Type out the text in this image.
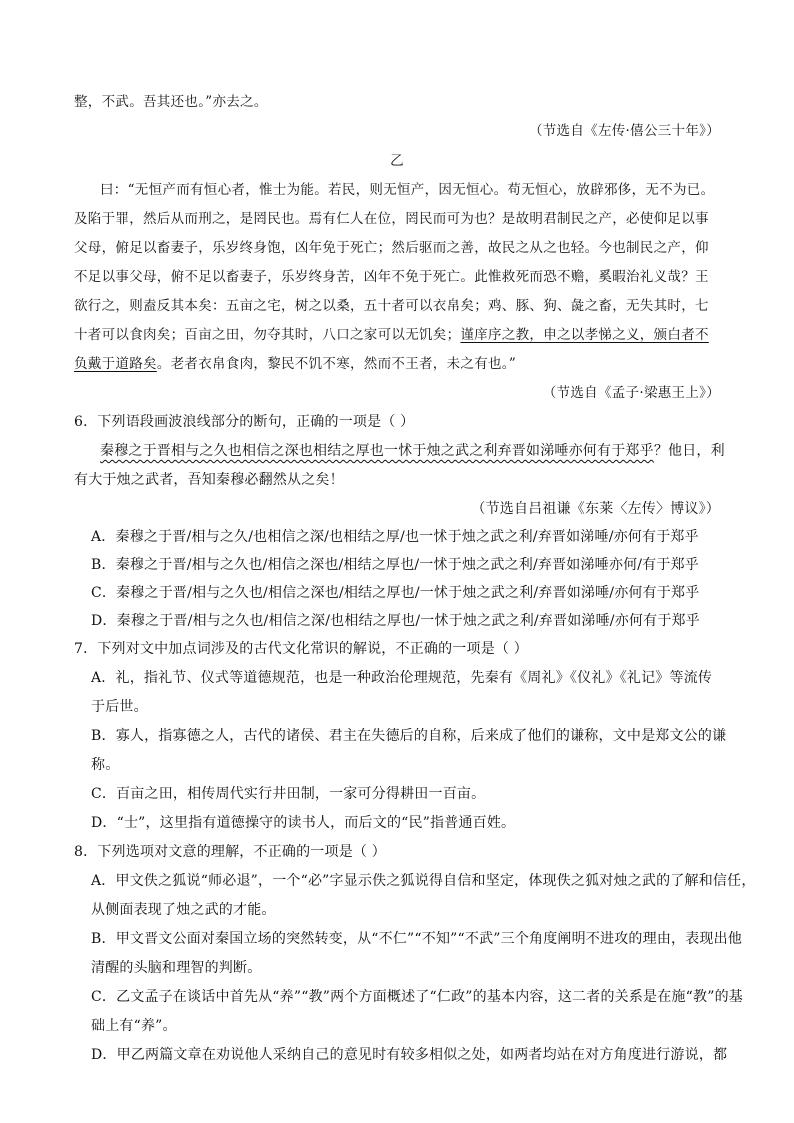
整，不武。吾其还也。”亦去之。
（节选自《左传·僖公三十年》）
乙
曰：“无恒产而有恒心者，惟士为能。若民，则无恒产，因无恒心。苟无恒心，放辟邪侈，无不为已。
及陷于罪，然后从而刑之，是罔民也。焉有仁人在位，罔民而可为也？是故明君制民之产，必使仰足以事
父母，俯足以畜妻子，乐岁终身饱，凶年免于死亡；然后驱而之善，故民之从之也轻。今也制民之产，仰
不足以事父母，俯不足以畜妻子，乐岁终身苦，凶年不免于死亡。此惟救死而恐不赡，奚暇治礼义哉？王
欲行之，则盍反其本矣：五亩之宅，树之以桑，五十者可以衣帛矣；鸡、豚、狗、彘之畜，无失其时，七
十者可以食肉矣；百亩之田，勿夺其时，八口之家可以无饥矣；谨庠序之教，申之以孝悌之义，颁白者不
负戴于道路矣。老者衣帛食肉，黎民不饥不寒，然而不王者，未之有也。”
（节选自《孟子·梁惠王上》）
6．下列语段画波浪线部分的断句，正确的一项是（ ）
秦穆之于晋相与之久也相信之深也相结之厚也一怵于烛之武之利弃晋如涕唾亦何有于郑乎？他日，利
有大于烛之武者，吾知秦穆必翻然从之矣！
（节选自吕祖谦《东莱〈左传〉博议》）
A．秦穆之于晋/相与之久/也相信之深/也相结之厚/也一怵于烛之武之利/弃晋如涕唾/亦何有于郑乎
B．秦穆之于晋/相与之久也/相信之深也/相结之厚也/一怵于烛之武之利/弃晋如涕唾亦何/有于郑乎
C．秦穆之于晋/相与之久也/相信之深也/相结之厚也/一怵于烛之武之利/弃晋如涕唾/亦何有于郑乎
D．秦穆之于晋/相与之久也/相信之深/也相结之厚也/一怵于烛之武之利/弃晋如涕唾/亦何有于郑乎
7．下列对文中加点词涉及的古代文化常识的解说，不正确的一项是（ ）
A．礼，指礼节、仪式等道德规范，也是一种政治伦理规范，先秦有《周礼》《仪礼》《礼记》等流传
于后世。
B．寡人，指寡德之人，古代的诸侯、君主在失德后的自称，后来成了他们的谦称，文中是郑文公的谦
称。
C．百亩之田，相传周代实行井田制，一家可分得耕田一百亩。
D．“士”，这里指有道德操守的读书人，而后文的“民”指普通百姓。
8．下列选项对文意的理解，不正确的一项是（ ）
A．甲文佚之狐说“师必退”，一个“必”字显示佚之狐说得自信和坚定，体现佚之狐对烛之武的了解和信任，
从侧面表现了烛之武的才能。
B．甲文晋文公面对秦国立场的突然转变，从“不仁”“不知”“不武”三个角度阐明不进攻的理由，表现出他
清醒的头脑和理智的判断。
C．乙文孟子在谈话中首先从“养”“教”两个方面概述了“仁政”的基本内容，这二者的关系是在施“教”的基
础上有“养”。
D．甲乙两篇文章在劝说他人采纳自己的意见时有较多相似之处，如两者均站在对方角度进行游说，都
